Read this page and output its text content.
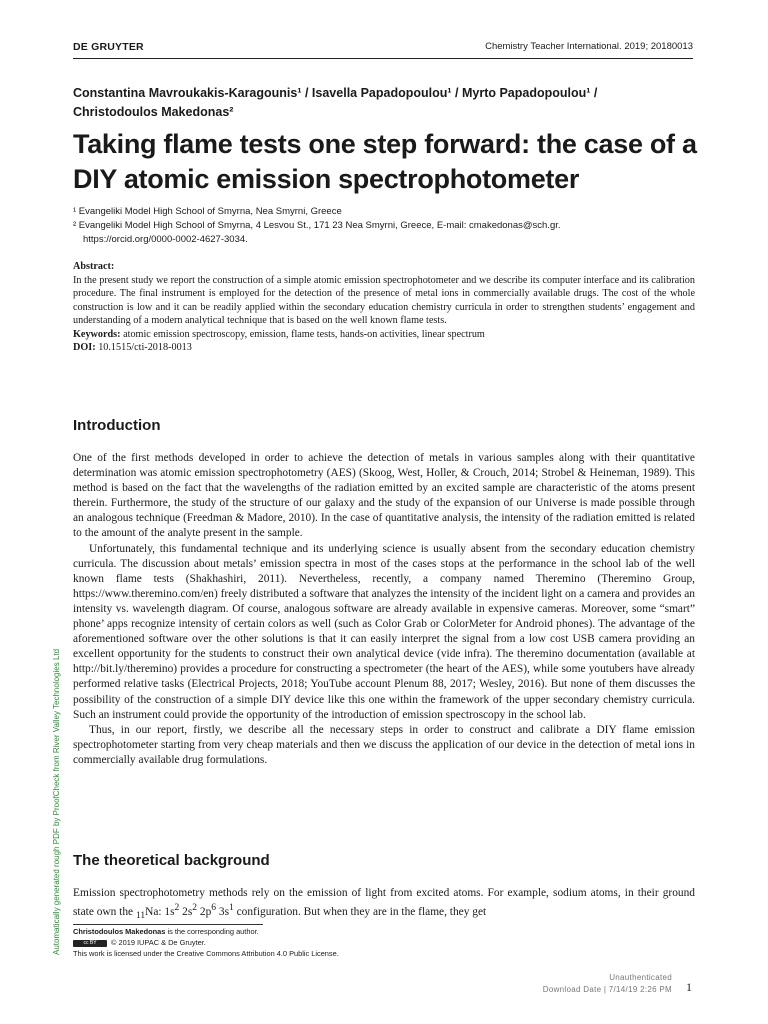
DE GRUYTER	Chemistry Teacher International. 2019; 20180013
Constantina Mavroukakis-Karagounis¹ / Isavella Papadopoulou¹ / Myrto Papadopoulou¹ /
Christodoulos Makedonas²
Taking flame tests one step forward: the case of a DIY atomic emission spectrophotometer
¹ Evangeliki Model High School of Smyrna, Nea Smyrni, Greece
² Evangeliki Model High School of Smyrna, 4 Lesvou St., 171 23 Nea Smyrni, Greece, E-mail: cmakedonas@sch.gr.
https://orcid.org/0000-0002-4627-3034.
Abstract:

In the present study we report the construction of a simple atomic emission spectrophotometer and we describe its computer interface and its calibration procedure. The final instrument is employed for the detection of the presence of metal ions in commercially available drugs. The cost of the whole construction is low and it can be readily applied within the secondary education chemistry curricula in order to strengthen students’ engagement and understanding of a modern analytical technique that is based on the well known flame tests.

Keywords: atomic emission spectroscopy, emission, flame tests, hands-on activities, linear spectrum

DOI: 10.1515/cti-2018-0013

Introduction

One of the first methods developed in order to achieve the detection of metals in various samples along with their quantitative determination was atomic emission spectrophotometry (AES) (Skoog, West, Holler, & Crouch, 2014; Strobel & Heineman, 1989). This method is based on the fact that the wavelengths of the radiation emitted by an excited sample are characteristic of the atoms present therein. Furthermore, the study of the structure of our galaxy and the study of the expansion of our Universe is made possible through an analogous technique (Freedman & Madore, 2010). In the case of quantitative analysis, the intensity of the radiation emitted is related to the amount of the analyte present in the sample.

Unfortunately, this fundamental technique and its underlying science is usually absent from the secondary education chemistry curricula. The discussion about metals’ emission spectra in most of the cases stops at the performance in the school lab of the well known flame tests (Shakhashiri, 2011). Nevertheless, recently, a company named Theremino (Theremino Group, https://www.theremino.com/en) freely distributed a software that analyzes the intensity of the incident light on a camera and provides an intensity vs. wavelength diagram. Of course, analogous software are already available in expensive cameras. Moreover, some “smart” phone’ apps recognize intensity of certain colors as well (such as Color Grab or ColorMeter for Android phones). The advantage of the aforementioned software over the other solutions is that it can easily interpret the signal from a low cost USB camera providing an excellent opportunity for the students to construct their own analytical device (vide infra). The theremino documentation (available at http://bit.ly/theremino) provides a procedure for constructing a spectrometer (the heart of the AES), while some youtubers have already performed relative tasks (Electrical Projects, 2018; YouTube account Plenum 88, 2017; Wesley, 2016). But none of them discusses the possibility of the construction of a simple DIY device like this one within the framework of the upper secondary chemistry curricula. Such an instrument could provide the opportunity of the introduction of emission spectroscopy in the school lab.

Thus, in our report, firstly, we describe all the necessary steps in order to construct and calibrate a DIY flame emission spectrophotometer starting from very cheap materials and then we discuss the application of our device in the detection of metal ions in commercially available drug formulations.

The theoretical background

Emission spectrophotometry methods rely on the emission of light from excited atoms. For example, sodium atoms, in their ground state own the $_{11}$Na: $1s^2$ $2s^2$ $2p^6$ $3s^1$ configuration. But when they are in the flame, they get

Christodoulos Makedonas is the corresponding author.
cc BY © 2019 IUPAC & De Gruyter.
This work is licensed under the Creative Commons Attribution 4.0 Public License.
Automatically generated rough PDF by ProofCheck from River Valley Technologies Ltd
Unauthenticated
Download Date | 7/14/19 2:26 PM 1
